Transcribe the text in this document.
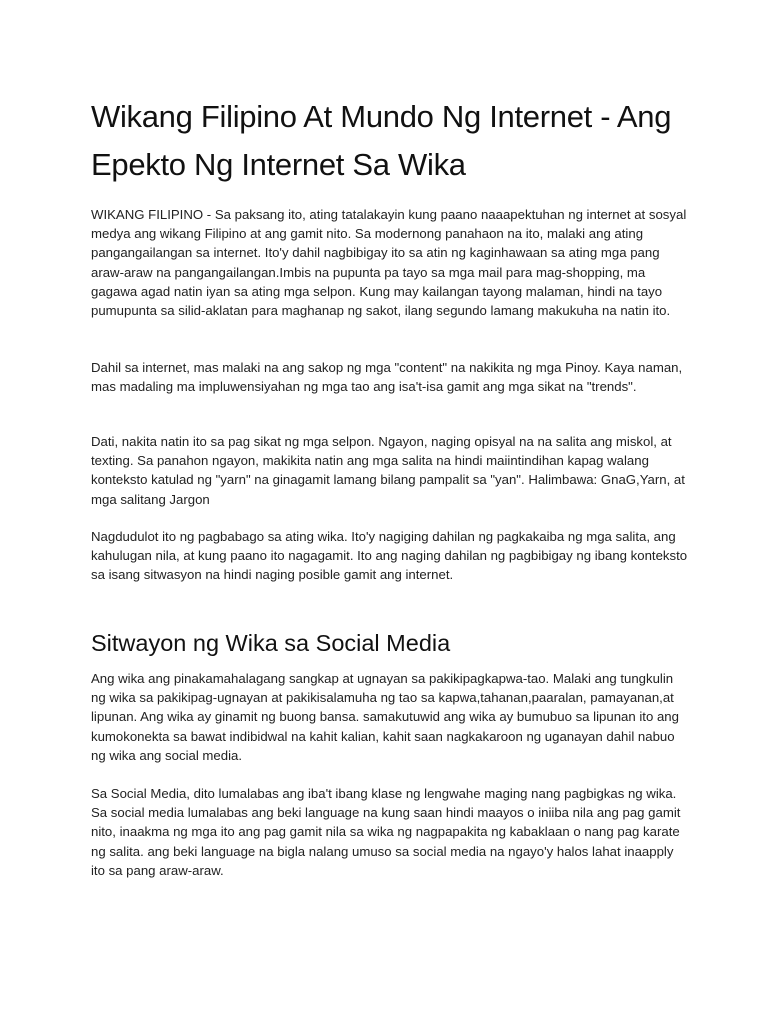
Wikang Filipino At Mundo Ng Internet - Ang Epekto Ng Internet Sa Wika

WIKANG FILIPINO - Sa paksang ito, ating tatalakayin kung paano naaapektuhan ng internet at sosyal medya ang wikang Filipino at ang gamit nito. Sa modernong panahaon na ito, malaki ang ating pangangailangan sa internet. Ito'y dahil nagbibigay ito sa atin ng kaginhawaan sa ating mga pang araw-araw na pangangailangan.Imbis na pupunta pa tayo sa mga mail para mag-shopping, ma gagawa agad natin iyan sa ating mga selpon. Kung may kailangan tayong malaman, hindi na tayo pumupunta sa silid-aklatan para maghanap ng sakot, ilang segundo lamang makukuha na natin ito.

Dahil sa internet, mas malaki na ang sakop ng mga "content" na nakikita ng mga Pinoy. Kaya naman, mas madaling ma impluwensiyahan ng mga tao ang isa't-isa gamit ang mga sikat na "trends".

Dati, nakita natin ito sa pag sikat ng mga selpon. Ngayon, naging opisyal na na salita ang miskol, at texting. Sa panahon ngayon, makikita natin ang mga salita na hindi maiintindihan kapag walang konteksto katulad ng "yarn" na ginagamit lamang bilang pampalit sa "yan". Halimbawa: GnaG,Yarn, at mga salitang Jargon

Nagdudulot ito ng pagbabago sa ating wika. Ito'y nagiging dahilan ng pagkakaiba ng mga salita, ang kahulugan nila, at kung paano ito nagagamit. Ito ang naging dahilan ng pagbibigay ng ibang konteksto sa isang sitwasyon na hindi naging posible gamit ang internet.

Sitwayon ng Wika sa Social Media

Ang wika ang pinakamahalagang sangkap at ugnayan sa pakikipagkapwa-tao. Malaki ang tungkulin ng wika sa pakikipag-ugnayan at pakikisalamuha ng tao sa kapwa,tahanan,paaralan, pamayanan,at lipunan. Ang wika ay ginamit ng buong bansa. samakutuwid ang wika ay bumubuo sa lipunan ito ang kumokonekta sa bawat indibidwal na kahit kalian, kahit saan nagkakaroon ng uganayan dahil nabuo ng wika ang social media.

Sa Social Media, dito lumalabas ang iba't ibang klase ng lengwahe maging nang pagbigkas ng wika. Sa social media lumalabas ang beki language na kung saan hindi maayos o iniiba nila ang pag gamit nito, inaakma ng mga ito ang pag gamit nila sa wika ng nagpapakita ng kabaklaan o nang pag karate ng salita. ang beki language na bigla nalang umuso sa social media na ngayo'y halos lahat inaapply ito sa pang araw-araw.
